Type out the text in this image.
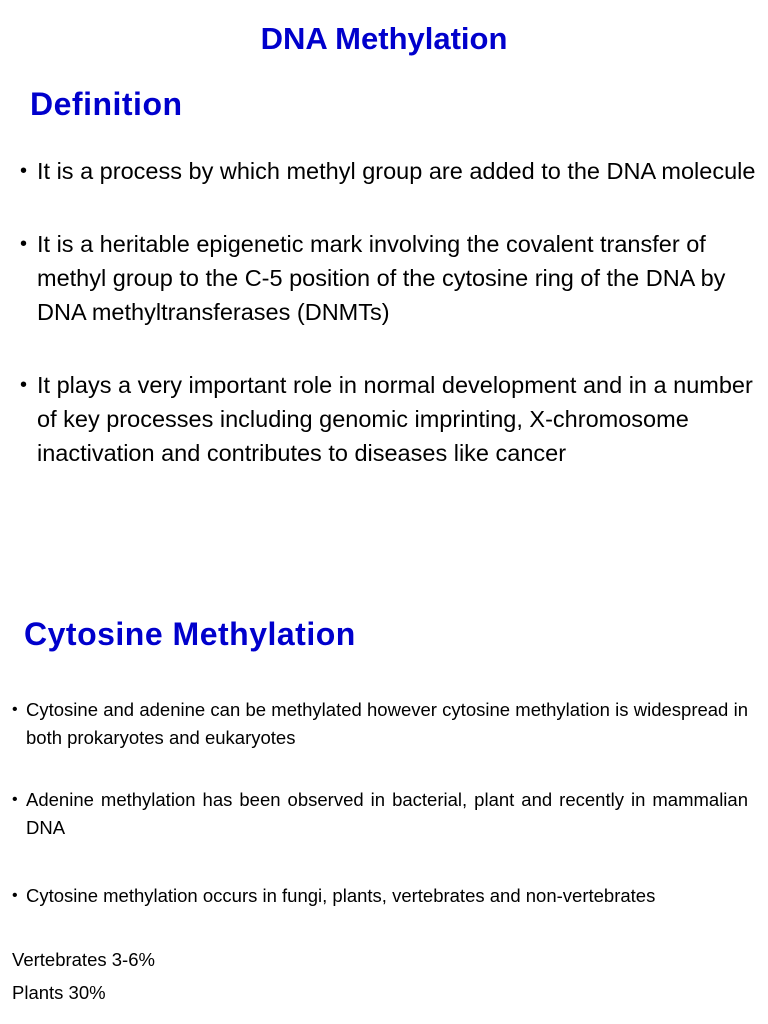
DNA Methylation
Definition
• It is a process by which methyl group are added to the DNA molecule
• It is a heritable epigenetic mark involving the covalent transfer of methyl group to the C-5 position of the cytosine ring of the DNA by DNA methyltransferases (DNMTs)
• It plays a very important role in normal development and in a number of key processes including genomic imprinting, X-chromosome inactivation and contributes to diseases like cancer
Cytosine Methylation
• Cytosine and adenine can be methylated however cytosine methylation is widespread in both prokaryotes and eukaryotes
• Adenine methylation has been observed in bacterial, plant and recently in mammalian DNA
• Cytosine methylation occurs in fungi, plants, vertebrates and non-vertebrates

Vertebrates 3-6%

Plants 30%
